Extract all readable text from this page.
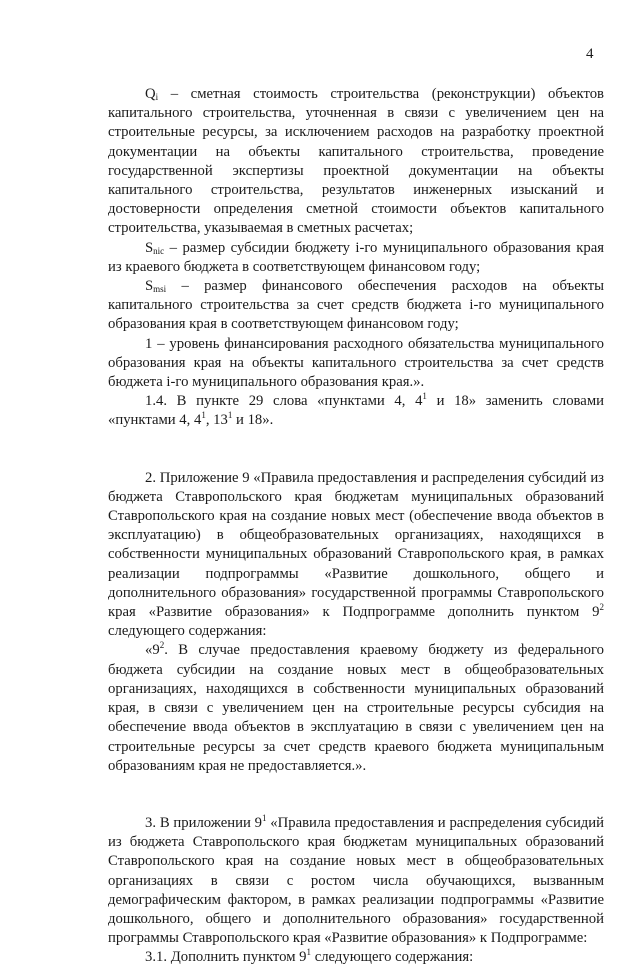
4

$Q_i$ – сметная стоимость строительства (реконструкции) объектов капитального строительства, уточненная в связи с увеличением цен на строительные ресурсы, за исключением расходов на разработку проектной документации на объекты капитального строительства, проведение государственной экспертизы проектной документации на объекты капитального строительства, результатов инженерных изысканий и достоверности определения сметной стоимости объектов капитального строительства, указываемая в сметных расчетах;

$S_{nic}$ – размер субсидии бюджету i-го муниципального образования края из краевого бюджета в соответствующем финансовом году;

$S_{msi}$ – размер финансового обеспечения расходов на объекты капитального строительства за счет средств бюджета i-го муниципального образования края в соответствующем финансовом году;

1 – уровень финансирования расходного обязательства муниципального образования края на объекты капитального строительства за счет средств бюджета i-го муниципального образования края.».

1.4. В пункте 29 слова «пунктами 4, $4^1$ и 18» заменить словами «пунктами 4, $4^1$, $13^1$ и 18».

2. Приложение 9 «Правила предоставления и распределения субсидий из бюджета Ставропольского края бюджетам муниципальных образований Ставропольского края на создание новых мест (обеспечение ввода объектов в эксплуатацию) в общеобразовательных организациях, находящихся в собственности муниципальных образований Ставропольского края, в рамках реализации подпрограммы «Развитие дошкольного, общего и дополнительного образования» государственной программы Ставропольского края «Развитие образования» к Подпрограмме дополнить пунктом $9^2$ следующего содержания:

«$9^2$. В случае предоставления краевому бюджету из федерального бюджета субсидии на создание новых мест в общеобразовательных организациях, находящихся в собственности муниципальных образований края, в связи с увеличением цен на строительные ресурсы субсидия на обеспечение ввода объектов в эксплуатацию в связи с увеличением цен на строительные ресурсы за счет средств краевого бюджета муниципальным образованиям края не предоставляется.».

3. В приложении $9^1$ «Правила предоставления и распределения субсидий из бюджета Ставропольского края бюджетам муниципальных образований Ставропольского края на создание новых мест в общеобразовательных организациях в связи с ростом числа обучающихся, вызванным демографическим фактором, в рамках реализации подпрограммы «Развитие дошкольного, общего и дополнительного образования» государственной программы Ставропольского края «Развитие образования» к Подпрограмме:

3.1. Дополнить пунктом $9^1$ следующего содержания:
